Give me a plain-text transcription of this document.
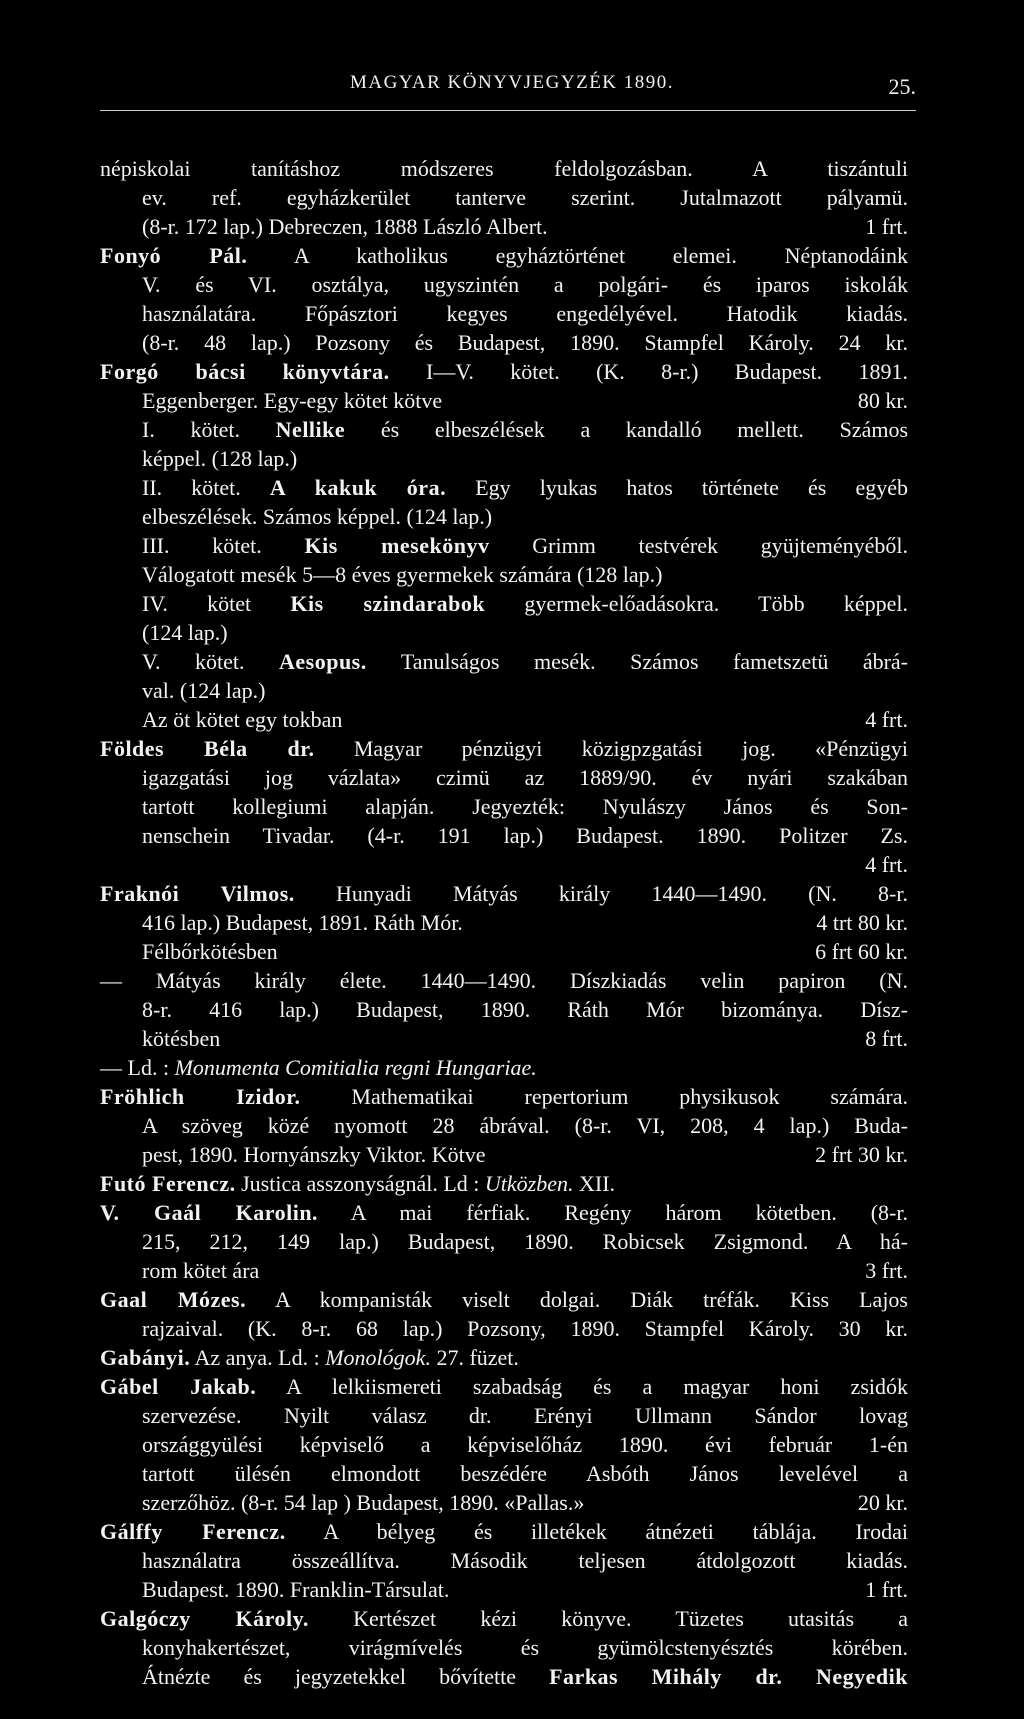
MAGYAR KÖNYVJEGYZÉK 1890.	25.
népiskolai tanításhoz módszeres feldolgozásban. A tiszántuli
ev. ref. egyházkerület tanterve szerint. Jutalmazott pályamü.
(8-r. 172 lap.) Debreczen, 1888 László Albert.	1 frt.
Fonyó Pál. A katholikus egyháztörténet elemei. Néptanodáink
V. és VI. osztálya, ugyszintén a polgári- és iparos iskolák
használatára. Főpásztori kegyes engedélyével. Hatodik kiadás.
(8-r. 48 lap.) Pozsony és Budapest, 1890. Stampfel Károly. 24 kr.
Forgó bácsi könyvtára. I—V. kötet. (K. 8-r.) Budapest. 1891.
Eggenberger. Egy-egy kötet kötve	80 kr.
I. kötet. Nellike és elbeszélések a kandalló mellett. Számos
képpel. (128 lap.)
II. kötet. A kakuk óra. Egy lyukas hatos története és egyéb
elbeszélések. Számos képpel. (124 lap.)
III. kötet. Kis mesekönyv Grimm testvérek gyüjteményéből.
Válogatott mesék 5—8 éves gyermekek számára (128 lap.)
IV. kötet Kis szindarabok gyermek-előadásokra. Több képpel.
(124 lap.)
V. kötet. Aesopus. Tanulságos mesék. Számos fametszetü ábrá-
val. (124 lap.)
Az öt kötet egy tokban	4 frt.
Földes Béla dr. Magyar pénzügyi közigpzgatási jog. «Pénzügyi
igazgatási jog vázlata» czimü az 1889/90. év nyári szakában
tartott kollegiumi alapján. Jegyezték: Nyulászy János és Son-
nenschein Tivadar. (4-r. 191 lap.) Budapest. 1890. Politzer Zs.
4 frt.
Fraknói Vilmos. Hunyadi Mátyás király 1440—1490. (N. 8-r.
416 lap.) Budapest, 1891. Ráth Mór.	4 trt 80 kr.
Félbőrkötésben	6 frt 60 kr.
— Mátyás király élete. 1440—1490. Díszkiadás velin papiron (N.
8-r. 416 lap.) Budapest, 1890. Ráth Mór bizománya. Dísz-
kötésben	8 frt.
— Ld. : Monumenta Comitialia regni Hungariae.
Fröhlich Izidor. Mathematikai repertorium physikusok számára.
A szöveg közé nyomott 28 ábrával. (8-r. VI, 208, 4 lap.) Buda-
pest, 1890. Hornyánszky Viktor. Kötve	2 frt 30 kr.
Futó Ferencz. Justica asszonyságnál. Ld : Utközben. XII.
V. Gaál Karolin. A mai férfiak. Regény három kötetben. (8-r.
215, 212, 149 lap.) Budapest, 1890. Robicsek Zsigmond. A há-
rom kötet ára	3 frt.
Gaal Mózes. A kompanisták viselt dolgai. Diák tréfák. Kiss Lajos
rajzaival. (K. 8-r. 68 lap.) Pozsony, 1890. Stampfel Károly. 30 kr.
Gabányi. Az anya. Ld. : Monológok. 27. füzet.
Gábel Jakab. A lelkiismereti szabadság és a magyar honi zsidók
szervezése. Nyilt válasz dr. Erényi Ullmann Sándor lovag
országgyülési képviselő a képviselőház 1890. évi február 1-én
tartott ülésén elmondott beszédére Asbóth János levelével a
szerzőhöz. (8-r. 54 lap ) Budapest, 1890. «Pallas.»	20 kr.
Gálffy Ferencz. A bélyeg és illetékek átnézeti táblája. Irodai
használatra összeállítva. Második teljesen átdolgozott kiadás.
Budapest. 1890. Franklin-Társulat.	1 frt.
Galgóczy Károly. Kertészet kézi könyve. Tüzetes utasitás a
konyhakertészet, virágmívelés és gyümölcstenyésztés körében.
Átnézte és jegyzetekkel bővítette Farkas Mihály dr. Negyedik
